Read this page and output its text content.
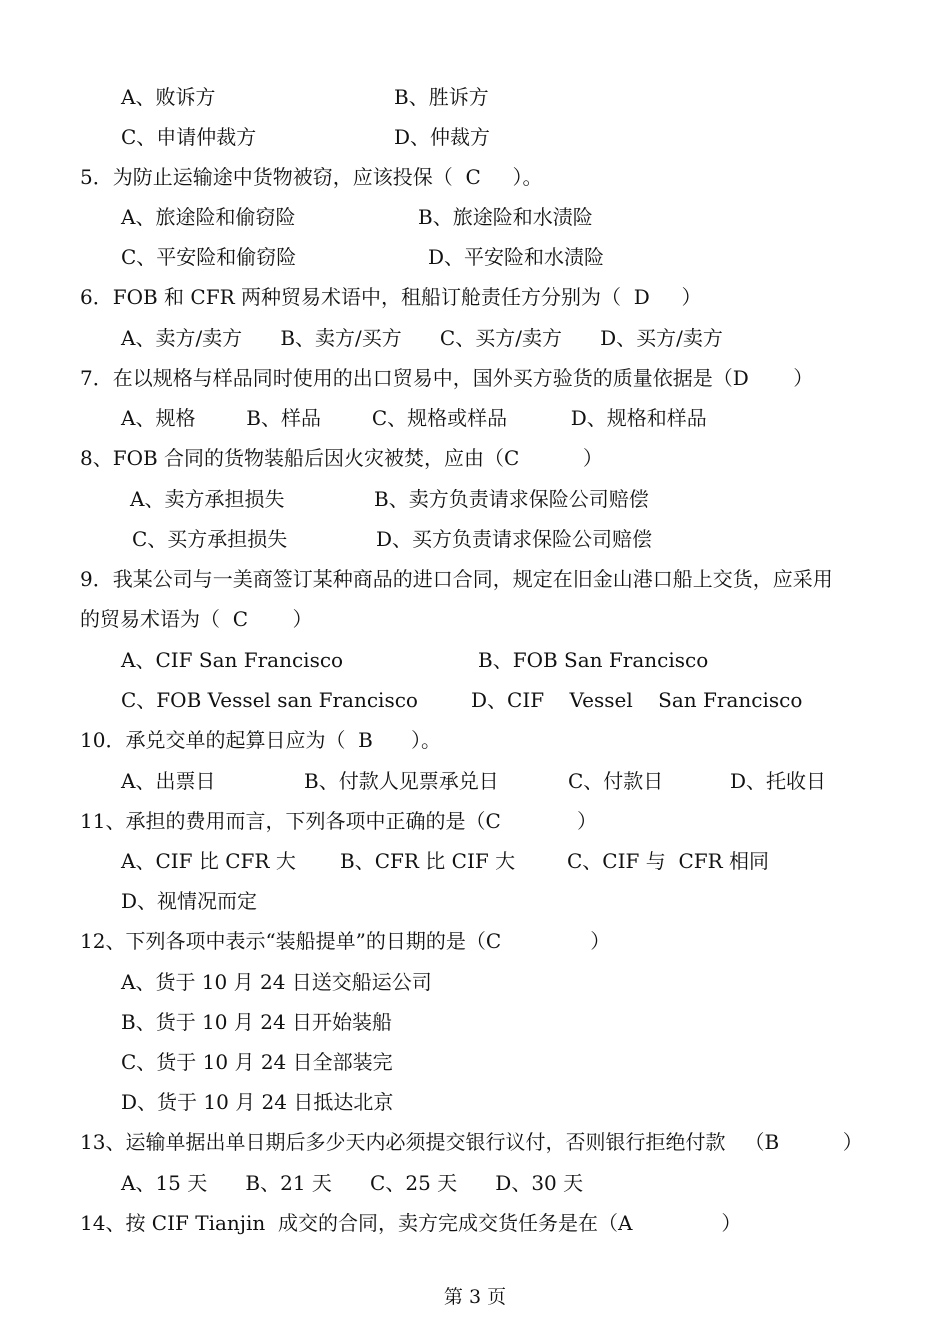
A、败诉方	B、胜诉方
C、申请仲裁方	D、仲裁方
5．为防止运输途中货物被窃，应该投保（  C     ）。
A、旅途险和偷窃险	B、旅途险和水渍险
C、平安险和偷窃险	D、平安险和水渍险
6．FOB 和 CFR 两种贸易术语中，租船订舱责任方分别为（  D     ）
A、卖方/卖方      B、卖方/买方      C、买方/卖方      D、买方/卖方
7．在以规格与样品同时使用的出口贸易中，国外买方验货的质量依据是（D       ）
A、规格        B、样品        C、规格或样品          D、规格和样品
8、FOB 合同的货物装船后因火灾被焚，应由（C          ）
A、卖方承担损失	B、卖方负责请求保险公司赔偿
C、买方承担损失	D、买方负责请求保险公司赔偿
9．我某公司与一美商签订某种商品的进口合同，规定在旧金山港口船上交货，应采用
的贸易术语为（  C       ）
A、CIF San Francisco	B、FOB San Francisco
C、FOB Vessel san Francisco	D、CIF    Vessel    San Francisco
10．承兑交单的起算日应为（  B      ）。
A、出票日	B、付款人见票承兑日	C、付款日	D、托收日
11、承担的费用而言，下列各项中正确的是（C            ）
A、CIF 比 CFR 大 B、CFR 比 CIF 大	C、CIF 与  CFR 相同
D、视情况而定
12、下列各项中表示“装船提单”的日期的是（C              ）
A、货于 10 月 24 日送交船运公司
B、货于 10 月 24 日开始装船
C、货于 10 月 24 日全部装完
D、货于 10 月 24 日抵达北京
13、运输单据出单日期后多少天内必须提交银行议付，否则银行拒绝付款   （B          ）
A、15 天      B、21 天      C、25 天      D、30 天
14、按 CIF Tianjin  成交的合同，卖方完成交货任务是在（A              ）
第 3 页
